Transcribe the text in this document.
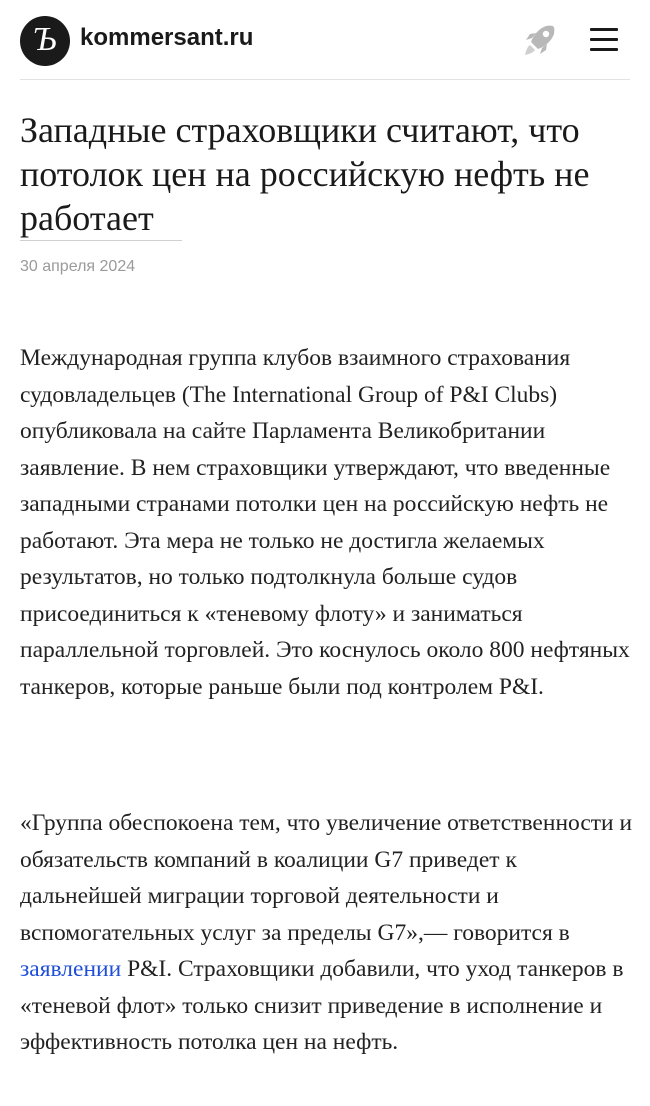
Ъ kommersant.ru
Западные страховщики считают, что потолок цен на российскую нефть не работает
30 апреля 2024

Международная группа клубов взаимного страхования судовладельцев (The International Group of P&I Clubs) опубликовала на сайте Парламента Великобритании заявление. В нем страховщики утверждают, что введенные западными странами потолки цен на российскую нефть не работают. Эта мера не только не достигла желаемых результатов, но только подтолкнула больше судов присоединиться к «теневому флоту» и заниматься параллельной торговлей. Это коснулось около 800 нефтяных танкеров, которые раньше были под контролем P&I.

«Группа обеспокоена тем, что увеличение ответственности и обязательств компаний в коалиции G7 приведет к дальнейшей миграции торговой деятельности и вспомогательных услуг за пределы G7»,— говорится в заявлении P&I. Страховщики добавили, что уход танкеров в «теневой флот» только снизит приведение в исполнение и эффективность потолка цен на нефть.
